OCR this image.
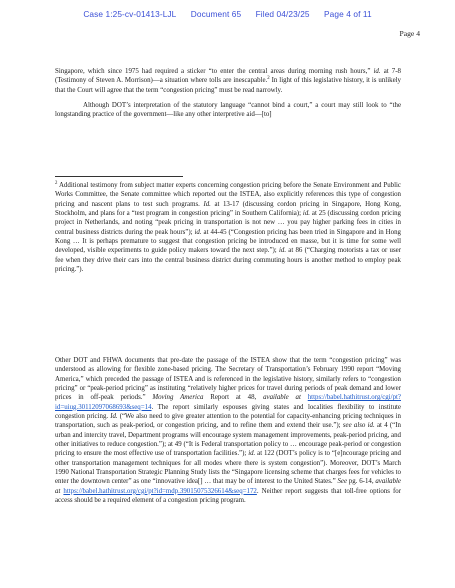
Case 1:25-cv-01413-LJL Document 65 Filed 04/23/25 Page 4 of 11
Page 4

Singapore, which since 1975 had required a sticker “to enter the central areas during morning rush hours,” id. at 7-8 (Testimony of Steven A. Morrison)—a situation where tolls are inescapable.$^2$ In light of this legislative history, it is unlikely that the Court will agree that the term “congestion pricing” must be read narrowly.

Although DOT’s interpretation of the statutory language “cannot bind a court,” a court may still look to “the longstanding practice of the government—like any other interpretive aid—[to]

$^2$ Additional testimony from subject matter experts concerning congestion pricing before the Senate Environment and Public Works Committee, the Senate committee which reported out the ISTEA, also explicitly references this type of congestion pricing and nascent plans to test such programs. Id. at 13-17 (discussing cordon pricing in Singapore, Hong Kong, Stockholm, and plans for a “test program in congestion pricing” in Southern California); id. at 25 (discussing cordon pricing project in Netherlands, and noting “peak pricing in transportation is not new … you pay higher parking fees in cities in central business districts during the peak hours”); id. at 44-45 (“Congestion pricing has been tried in Singapore and in Hong Kong … It is perhaps premature to suggest that congestion pricing be introduced en masse, but it is time for some well developed, visible experiments to guide policy makers toward the next step.”); id. at 86 (“Charging motorists a tax or user fee when they drive their cars into the central business district during commuting hours is another method to employ peak pricing.”).

Other DOT and FHWA documents that pre-date the passage of the ISTEA show that the term “congestion pricing” was understood as allowing for flexible zone-based pricing. The Secretary of Transportation’s February 1990 report “Moving America,” which preceded the passage of ISTEA and is referenced in the legislative history, similarly refers to “congestion pricing” or “peak-period pricing” as instituting “relatively higher prices for travel during periods of peak demand and lower prices in off-peak periods.” Moving America Report at 48, available at https://babel.hathitrust.org/cgi/pt?id=uiug.30112097068693&seq=14. The report similarly espouses giving states and localities flexibility to institute congestion pricing. Id. (“We also need to give greater attention to the potential for capacity-enhancing pricing techniques in transportation, such as peak-period, or congestion pricing, and to refine them and extend their use.”); see also id. at 4 (“In urban and intercity travel, Department programs will encourage system management improvements, peak-period pricing, and other initiatives to reduce congestion.”); at 49 (“It is Federal transportation policy to … encourage peak-period or congestion pricing to ensure the most effective use of transportation facilities.”); id. at 122 (DOT’s policy is to “[e]ncourage pricing and other transportation management techniques for all modes where there is system congestion”). Moreover, DOT’s March 1990 National Transportation Strategic Planning Study lists the “Singapore licensing scheme that charges fees for vehicles to enter the downtown center” as one “innovative idea[] … that may be of interest to the United States.” See pg. 6-14, available at https://babel.hathitrust.org/cgi/pt?id=mdp.39015075326614&seq=172. Neither report suggests that toll-free options for access should be a required element of a congestion pricing program.
